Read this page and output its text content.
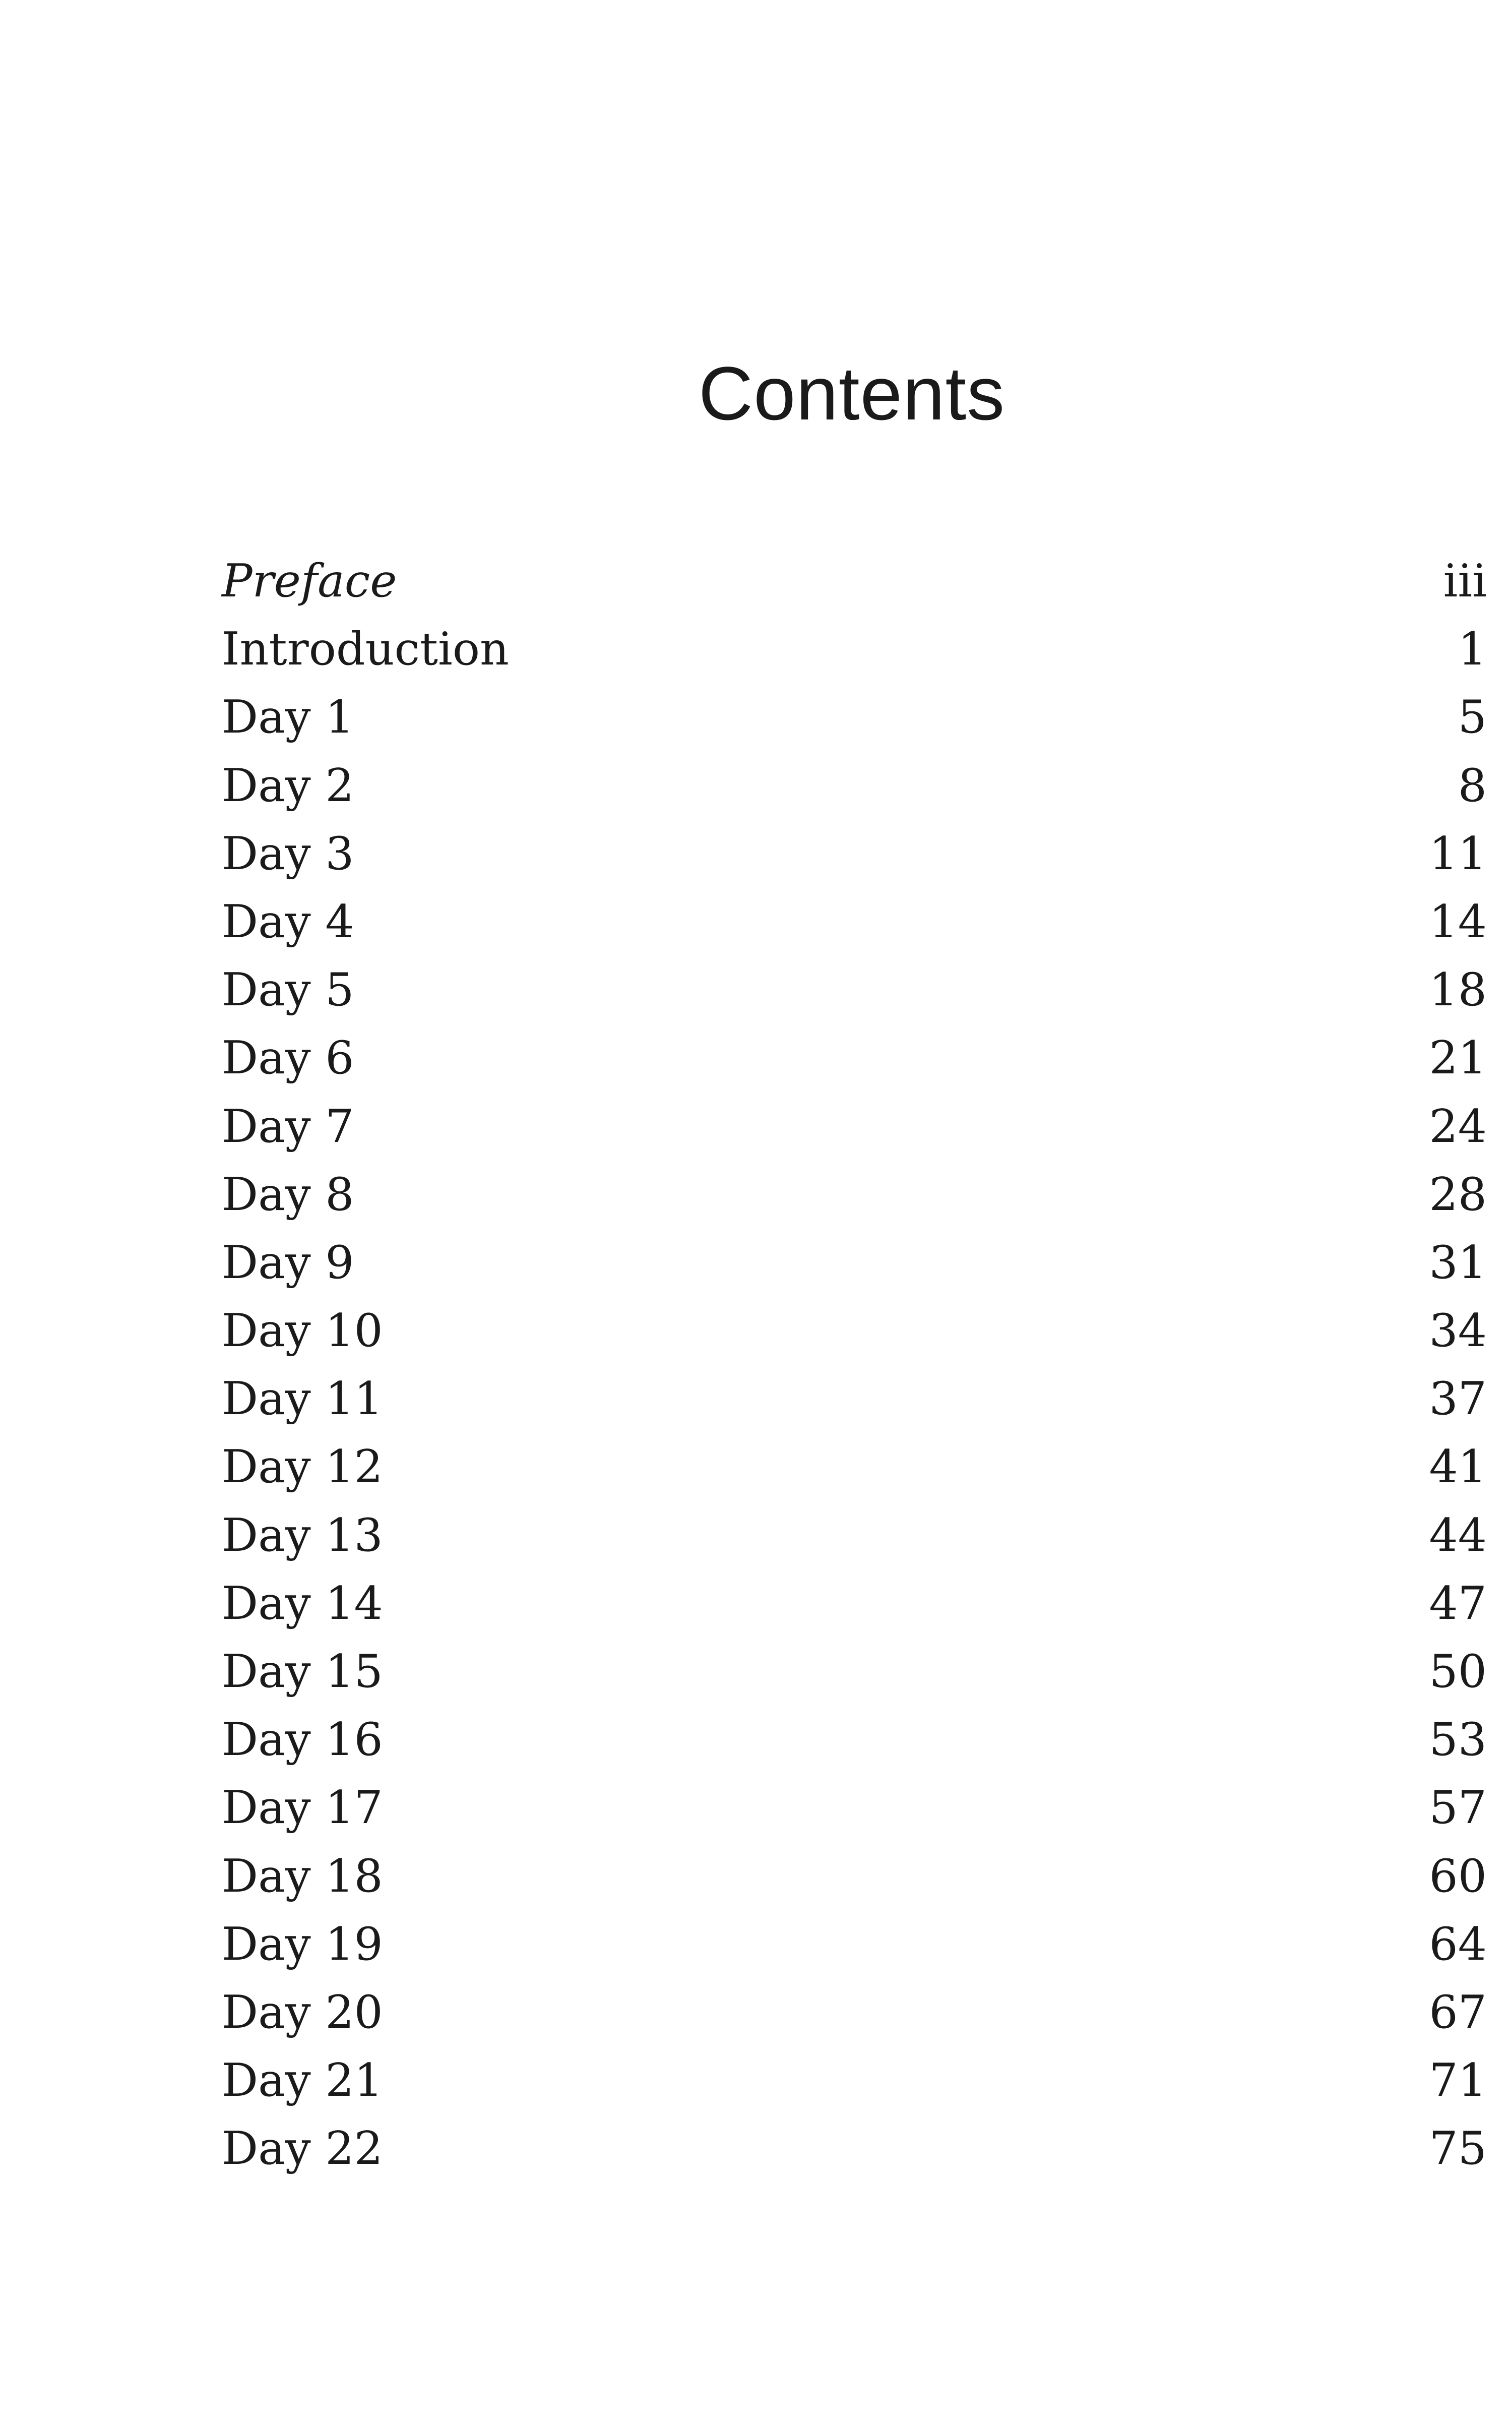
Contents
Preface	iii
Introduction	1
Day 1	5
Day 2	8
Day 3	11
Day 4	14
Day 5	18
Day 6	21
Day 7	24
Day 8	28
Day 9	31
Day 10	34
Day 11	37
Day 12	41
Day 13	44
Day 14	47
Day 15	50
Day 16	53
Day 17	57
Day 18	60
Day 19	64
Day 20	67
Day 21	71
Day 22	75
